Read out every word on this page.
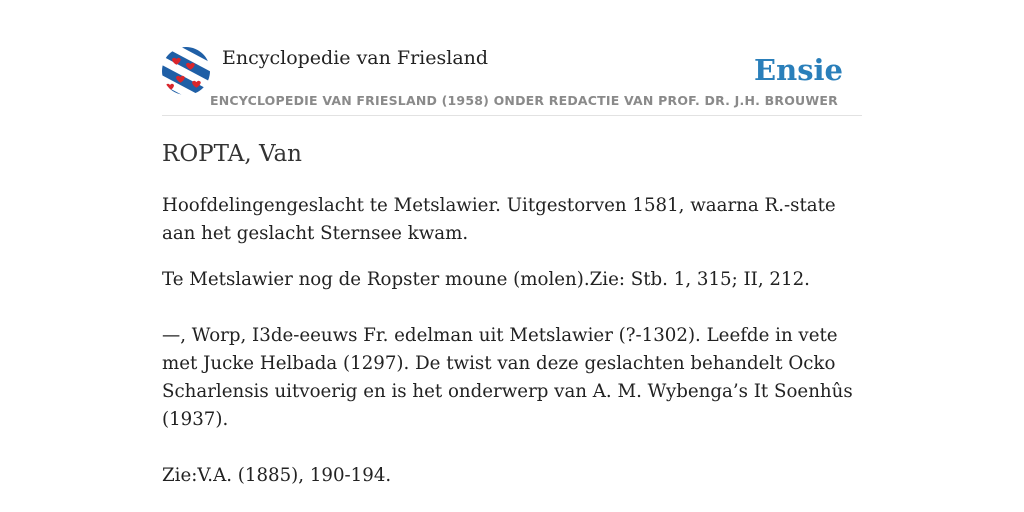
Encyclopedie van Friesland	Ensie
ENCYCLOPEDIE VAN FRIESLAND (1958) ONDER REDACTIE VAN PROF. DR. J.H. BROUWER
ROPTA, Van

Hoofdelingengeslacht te Metslawier. Uitgestorven 1581, waarna R.-state aan het geslacht Sternsee kwam.

Te Metslawier nog de Ropster moune (molen).Zie: Stb. 1, 315; II, 212.

—, Worp, I3de-eeuws Fr. edelman uit Metslawier (?-1302). Leefde in vete met Jucke Helbada (1297). De twist van deze geslachten behandelt Ocko Scharlensis uitvoerig en is het onderwerp van A. M. Wybenga’s It Soenhûs (1937).

Zie:V.A. (1885), 190-194.
